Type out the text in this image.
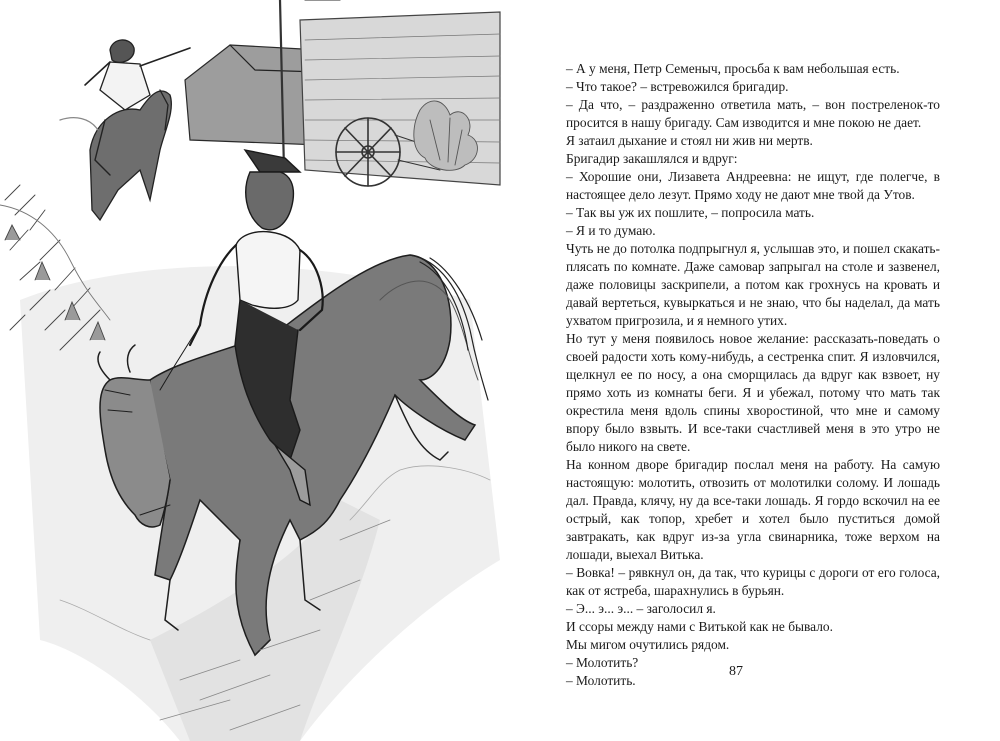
– А у меня, Петр Семеныч, просьба к вам небольшая есть.

– Что такое? – встревожился бригадир.

– Да что, – раздраженно ответила мать, – вон постреленок-то просится в нашу бригаду. Сам изводится и мне покою не дает.

Я затаил дыхание и стоял ни жив ни мертв.

Бригадир закашлялся и вдруг:

– Хорошие они, Лизавета Андреевна: не ищут, где полегче, в настоящее дело лезут. Прямо ходу не дают мне твой да Утов.

– Так вы уж их пошлите, – попросила мать.

– Я и то думаю.

Чуть не до потолка подпрыгнул я, услышав это, и пошел скакать-плясать по комнате. Даже самовар запрыгал на столе и зазвенел, даже половицы заскрипели, а потом как грохнусь на кровать и давай вертеться, кувыркаться и не знаю, что бы наделал, да мать ухватом пригрозила, и я немного утих.

Но тут у меня появилось новое желание: рассказать-поведать о своей радости хоть кому-нибудь, а сестренка спит. Я изловчился, щелкнул ее по носу, а она сморщилась да вдруг как взвоет, ну прямо хоть из комнаты беги. Я и убежал, потому что мать так окрестила меня вдоль спины хворостиной, что мне и самому впору было взвыть. И все-таки счастливей меня в это утро не было никого на свете.

На конном дворе бригадир послал меня на работу. На самую настоящую: молотить, отвозить от молотилки солому. И лошадь дал. Правда, клячу, ну да все-таки лошадь. Я гордо вскочил на ее острый, как топор, хребет и хотел было пуститься домой завтракать, как вдруг из-за угла свинарника, тоже верхом на лошади, выехал Витька.

– Вовка! – рявкнул он, да так, что курицы с дороги от его голоса, как от ястреба, шарахнулись в бурьян.

– Э... э... э... – заголосил я.

И ссоры между нами с Витькой как не бывало.

Мы мигом очутились рядом.

– Молотить?

– Молотить.

87
